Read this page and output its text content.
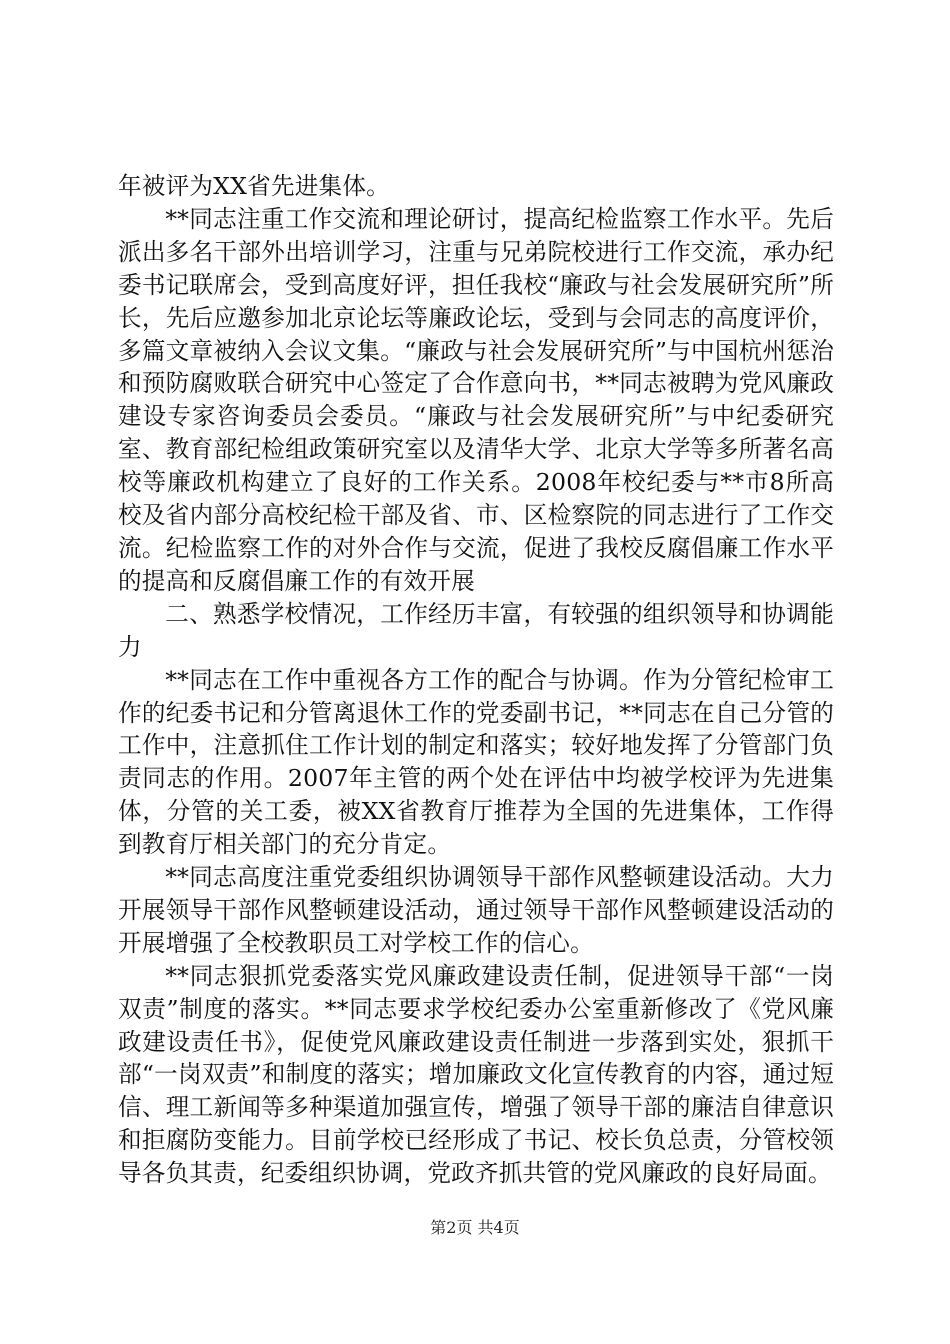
年被评为XX省先进集体。

**同志注重工作交流和理论研讨，提高纪检监察工作水平。先后派出多名干部外出培训学习，注重与兄弟院校进行工作交流，承办纪委书记联席会，受到高度好评，担任我校“廉政与社会发展研究所”所长，先后应邀参加北京论坛等廉政论坛，受到与会同志的高度评价，多篇文章被纳入会议文集。“廉政与社会发展研究所”与中国杭州惩治和预防腐败联合研究中心签定了合作意向书，**同志被聘为党风廉政建设专家咨询委员会委员。“廉政与社会发展研究所”与中纪委研究室、教育部纪检组政策研究室以及清华大学、北京大学等多所著名高校等廉政机构建立了良好的工作关系。2008年校纪委与**市8所高校及省内部分高校纪检干部及省、市、区检察院的同志进行了工作交流。纪检监察工作的对外合作与交流，促进了我校反腐倡廉工作水平的提高和反腐倡廉工作的有效开展

二、熟悉学校情况，工作经历丰富，有较强的组织领导和协调能力

**同志在工作中重视各方工作的配合与协调。作为分管纪检审工作的纪委书记和分管离退休工作的党委副书记，**同志在自己分管的工作中，注意抓住工作计划的制定和落实；较好地发挥了分管部门负责同志的作用。2007年主管的两个处在评估中均被学校评为先进集体，分管的关工委，被XX省教育厅推荐为全国的先进集体，工作得到教育厅相关部门的充分肯定。

**同志高度注重党委组织协调领导干部作风整顿建设活动。大力开展领导干部作风整顿建设活动，通过领导干部作风整顿建设活动的开展增强了全校教职员工对学校工作的信心。

**同志狠抓党委落实党风廉政建设责任制，促进领导干部“一岗双责”制度的落实。**同志要求学校纪委办公室重新修改了《党风廉政建设责任书》，促使党风廉政建设责任制进一步落到实处，狠抓干部“一岗双责”和制度的落实；增加廉政文化宣传教育的内容，通过短信、理工新闻等多种渠道加强宣传，增强了领导干部的廉洁自律意识和拒腐防变能力。目前学校已经形成了书记、校长负总责，分管校领导各负其责，纪委组织协调，党政齐抓共管的党风廉政的良好局面。

第2页 共4页
